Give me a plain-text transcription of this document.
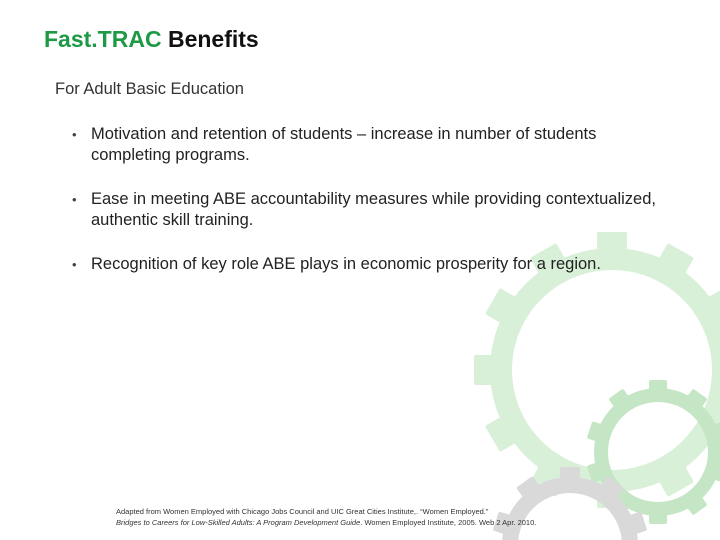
Fast.TRAC Benefits
For Adult Basic Education
• Motivation and retention of students – increase in number of students completing programs.
• Ease in meeting ABE accountability measures while providing contextualized, authentic skill training.
• Recognition of key role ABE plays in economic prosperity for a region.
Adapted from Women Employed with Chicago Jobs Council and UIC Great Cities Institute,. “Women Employed.”
Bridges to Careers for Low-Skilled Adults: A Program Development Guide. Women Employed Institute, 2005. Web 2 Apr. 2010.
